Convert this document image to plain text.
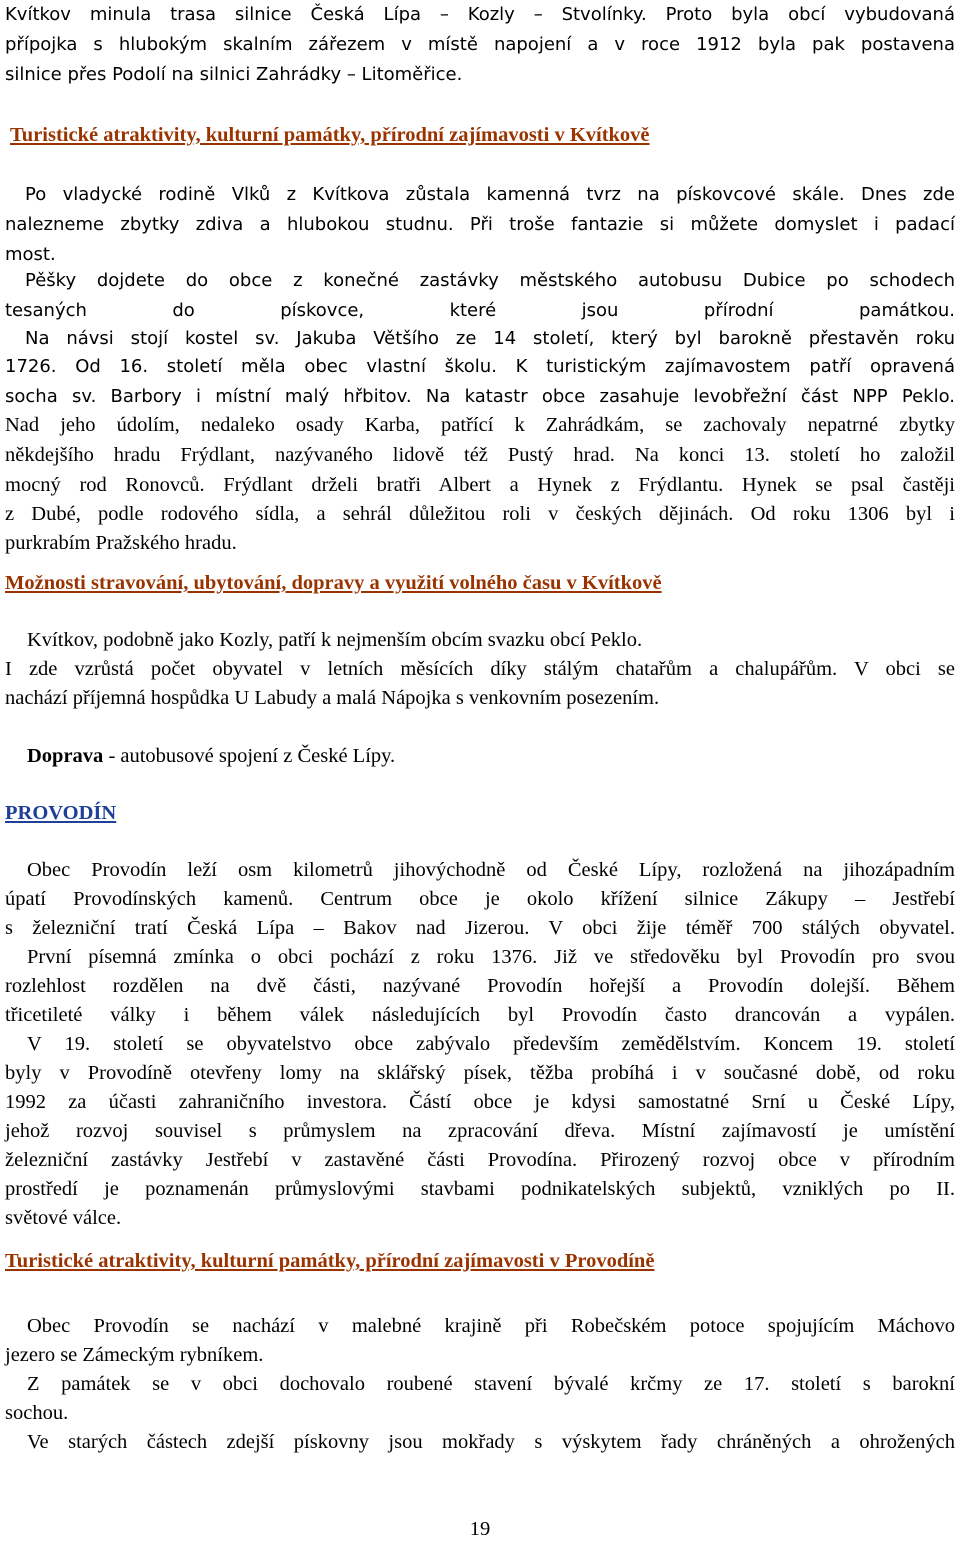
Kvítkov minula trasa silnice Česká Lípa – Kozly – Stvolínky. Proto byla obcí vybudovaná

přípojka s hlubokým skalním zářezem v místě napojení a v roce 1912 byla pak postavena

silnice přes Podolí na silnici Zahrádky – Litoměřice.

Turistické atraktivity, kulturní památky, přírodní zajímavosti v Kvítkově

Po vladycké rodině Vlků z Kvítkova zůstala kamenná tvrz na pískovcové skále. Dnes zde

nalezneme zbytky zdiva a hlubokou studnu. Při troše fantazie si můžete domyslet i padací

most.

Pěšky dojdete do obce z konečné zastávky městského autobusu Dubice po schodech

tesaných do pískovce, které jsou přírodní památkou.

Na návsi stojí kostel sv. Jakuba Většího ze 14 století, který byl barokně přestavěn roku

1726. Od 16. století měla obec vlastní školu. K turistickým zajímavostem patří opravená

socha sv. Barbory i místní malý hřbitov. Na katastr obce zasahuje levobřežní část NPP Peklo.

Nad jeho údolím, nedaleko osady Karba, patřící k Zahrádkám, se zachovaly nepatrné zbytky

někdejšího hradu Frýdlant, nazývaného lidově též Pustý hrad. Na konci 13. století ho založil

mocný rod Ronovců. Frýdlant drželi bratři Albert a Hynek z Frýdlantu. Hynek se psal častěji

z Dubé, podle rodového sídla, a sehrál důležitou roli v českých dějinách. Od roku 1306 byl i

purkrabím Pražského hradu.

Možnosti stravování, ubytování, dopravy a využití volného času v Kvítkově

Kvítkov, podobně jako Kozly, patří k nejmenším obcím svazku obcí Peklo.

I zde vzrůstá počet obyvatel v letních měsících díky stálým chatařům a chalupářům. V obci se

nachází příjemná hospůdka U Labudy a malá Nápojka s venkovním posezením.

Doprava - autobusové spojení z České Lípy.

PROVODÍN

Obec Provodín leží osm kilometrů jihovýchodně od České Lípy, rozložená na jihozápadním

úpatí Provodínských kamenů. Centrum obce je okolo křížení silnice Zákupy – Jestřebí

s železniční tratí Česká Lípa – Bakov nad Jizerou. V obci žije téměř 700 stálých obyvatel.

První písemná zmínka o obci pochází z roku 1376. Již ve středověku byl Provodín pro svou

rozlehlost rozdělen na dvě části, nazývané Provodín hořejší a Provodín dolejší. Během

třicetileté války i během válek následujících byl Provodín často drancován a vypálen.

V 19. století se obyvatelstvo obce zabývalo především zemědělstvím. Koncem 19. století

byly v Provodíně otevřeny lomy na sklářský písek, těžba probíhá i v současné době, od roku

1992 za účasti zahraničního investora. Částí obce je kdysi samostatné Srní u České Lípy,

jehož rozvoj souvisel s průmyslem na zpracování dřeva. Místní zajímavostí je umístění

železniční zastávky Jestřebí v zastavěné části Provodína. Přirozený rozvoj obce v přírodním

prostředí je poznamenán průmyslovými stavbami podnikatelských subjektů, vzniklých po II.

světové válce.

Turistické atraktivity, kulturní památky, přírodní zajímavosti v Provodíně

Obec Provodín se nachází v malebné krajině při Robečském potoce spojujícím Máchovo

jezero se Zámeckým rybníkem.

Z památek se v obci dochovalo roubené stavení bývalé krčmy ze 17. století s barokní

sochou.

Ve starých částech zdejší pískovny jsou mokřady s výskytem řady chráněných a ohrožených

19
